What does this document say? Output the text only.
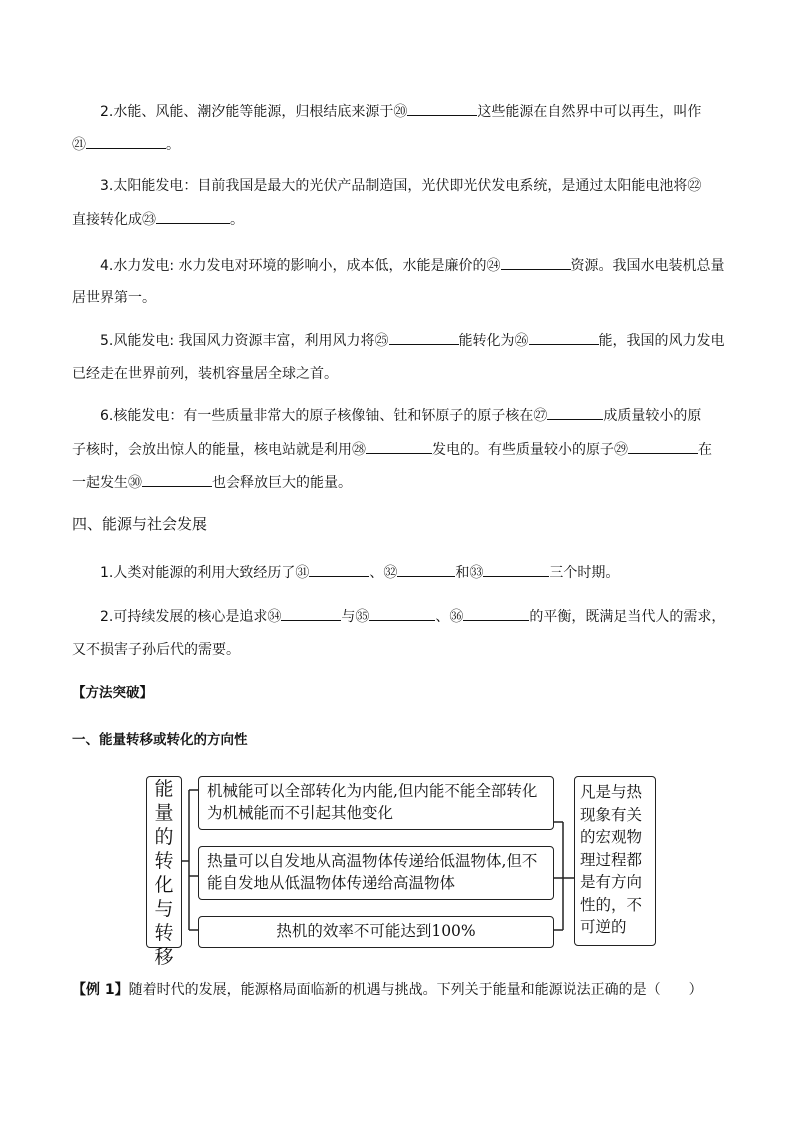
2.水能、风能、潮汐能等能源，归根结底来源于⑳	这些能源在自然界中可以再生，叫作
㉑	。
3.太阳能发电：目前我国是最大的光伏产品制造国，光伏即光伏发电系统，是通过太阳能电池将㉒
直接转化成㉓	。
4.水力发电: 水力发电对环境的影响小，成本低，水能是廉价的㉔	资源。我国水电装机总量
居世界第一。
5.风能发电: 我国风力资源丰富，利用风力将㉕	能转化为㉖	能，我国的风力发电
已经走在世界前列，装机容量居全球之首。
6.核能发电：有一些质量非常大的原子核像铀、钍和钚原子的原子核在㉗	成质量较小的原
子核时，会放出惊人的能量，核电站就是利用㉘	发电的。有些质量较小的原子㉙	在
一起发生㉚	也会释放巨大的能量。
四、能源与社会发展
1.人类对能源的利用大致经历了㉛	、㉜	和㉝	三个时期。
2.可持续发展的核心是追求㉞	与㉟	、㊱	的平衡，既满足当代人的需求，
又不损害子孙后代的需要。
【方法突破】
一、能量转移或转化的方向性
能
量
的
转
化
与
转
移
机械能可以全部转化为内能,但内能不能全部转化为机械能而不引起其他变化
热量可以自发地从高温物体传递给低温物体,但不能自发地从低温物体传递给高温物体
热机的效率不可能达到100%
凡是与热现象有关的宏观物理过程都是有方向性的，不可逆的
【例 1】随着时代的发展，能源格局面临新的机遇与挑战。下列关于能量和能源说法正确的是（　　）
